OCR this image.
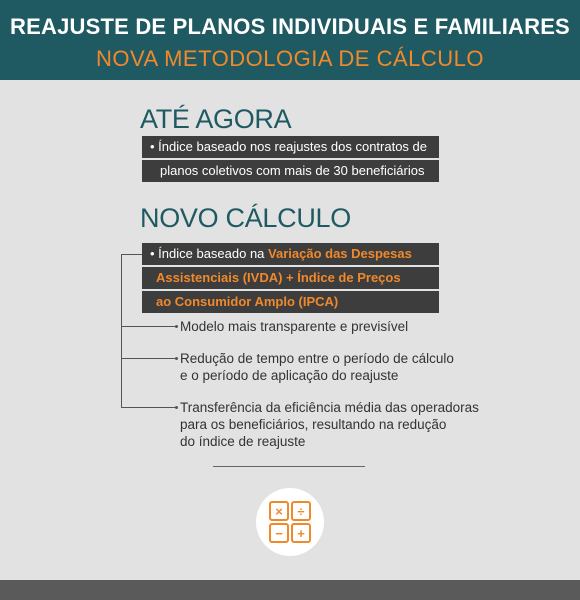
REAJUSTE DE PLANOS INDIVIDUAIS E FAMILIARES
NOVA METODOLOGIA DE CÁLCULO
ATÉ AGORA
• Índice baseado nos reajustes dos contratos de
planos coletivos com mais de 30 beneficiários
NOVO CÁLCULO
• Índice baseado na Variação das Despesas
Assistenciais (IVDA) + Índice de Preços
ao Consumidor Amplo (IPCA)
Modelo mais transparente e previsível
Redução de tempo entre o período de cálculo
e o período de aplicação do reajuste
Transferência da eficiência média das operadoras
para os beneficiários, resultando na redução
do índice de reajuste
×	÷
−	+
